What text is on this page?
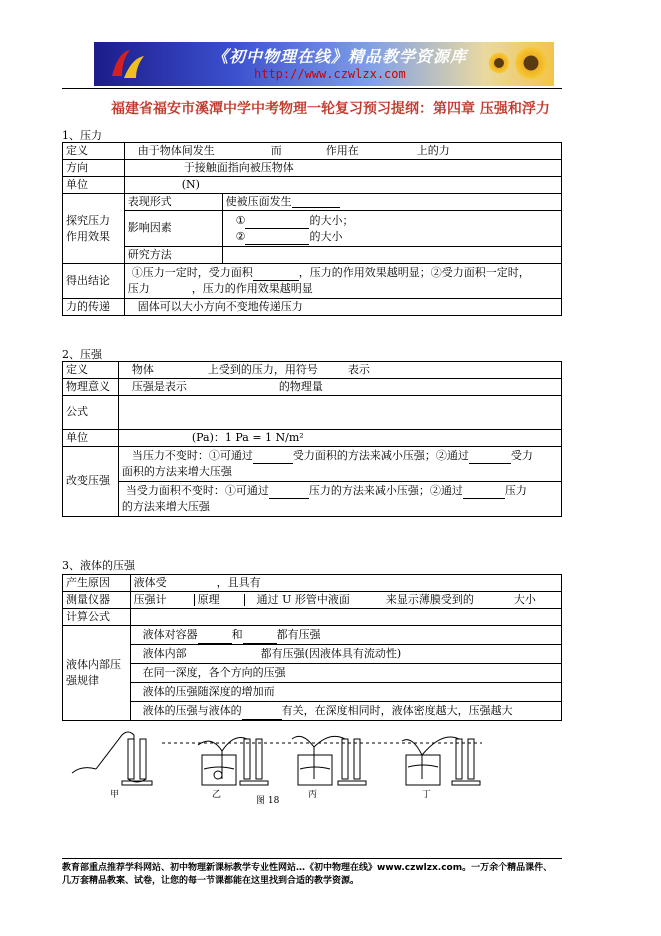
《初中物理在线》精品教学资源库
http://www.czwlzx.com
福建省福安市溪潭中学中考物理一轮复习预习提纲：第四章 压强和浮力
1、压力
定义	由于物体间发生 而 作用在 上的力	
方向	于接触面指向被压物体	
单位	(N)	
探究压力作用效果	表现形式	使被压面发生
	影响因素	① 的大小；
② 的大小
	研究方法	
得出结论	①压力一定时，受力面积 ，压力的作用效果越明显；②受力面积一定时，
压力 ，压力的作用效果越明显	
力的传递	固体可以大小方向不变地传递压力	
2、压强
定义	物体 上受到的压力，用符号 表示
物理意义	压强是表示 的物理量
公式	
单位	(Pa)：1 Pa = 1 N/m²
改变压强	当压力不变时：①可通过 受力面积的方法来减小压强；②通过 受力
面积的方法来增大压强
	当受力面积不变时：①可通过 压力的方法来减小压强；②通过 压力
的方法来增大压强
3、液体的压强
产生原因	液体受 ，且具有
测量仪器	压强计 原理 通过 U 形管中液面 来显示薄膜受到的 大小
计算公式	
液体内部压强规律	液体对容器 和 都有压强
液体内部 都有压强(因液体具有流动性)
在同一深度，各个方向的压强
液体的压强随深度的增加而
液体的压强与液体的 有关，在深度相同时，液体密度越大，压强越大
甲	乙	丙	丁
图 18
教育部重点推荐学科网站、初中物理新课标教学专业性网站…《初中物理在线》www.czwlzx.com。一万余个精品课件、
几万套精品教案、试卷，让您的每一节课都能在这里找到合适的教学资源。
